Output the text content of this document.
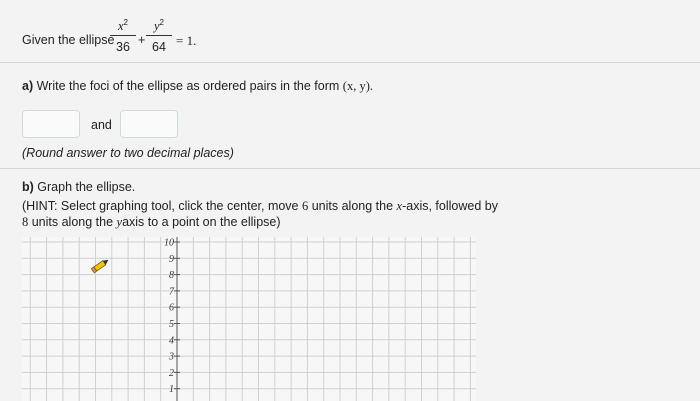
Given the ellipse
$x^2$
36 +
$y^2$
64 = 1.
a) Write the foci of the ellipse as ordered pairs in the form (x, y).
and
(Round answer to two decimal places)
b) Graph the ellipse.
(HINT: Select graphing tool, click the center, move 6 units along the x-axis, followed by
8 units along the yaxis to a point on the ellipse)
10
9
8
7
6
5
4
3
2
1
